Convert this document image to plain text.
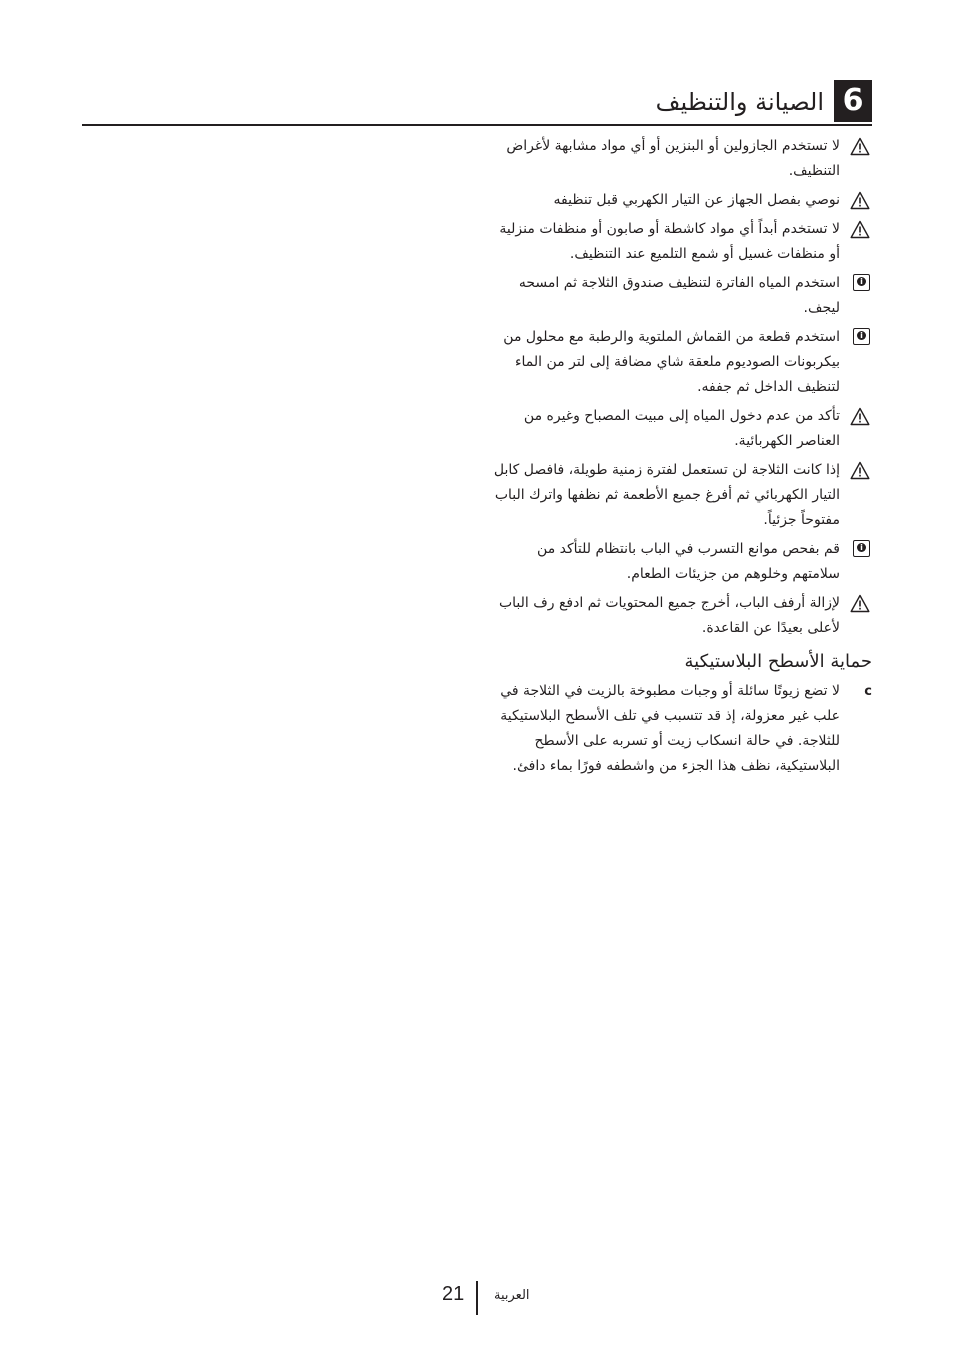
6
الصيانة والتنظيف
لا تستخدم الجازولين أو البنزين أو أي مواد مشابهة لأغراض التنظيف.
نوصي بفصل الجهاز عن التيار الكهربي قبل تنظيفه
لا تستخدم أبداً أي مواد كاشطة أو صابون أو منظفات منزلية أو منظفات غسيل أو شمع التلميع عند التنظيف.
i
استخدم المياه الفاترة لتنظيف صندوق الثلاجة ثم امسحه ليجف.
i
استخدم قطعة من القماش الملتوية والرطبة مع محلول من بيكربونات الصوديوم ملعقة شاي مضافة إلى لتر من الماء لتنظيف الداخل ثم جففه.
تأكد من عدم دخول المياه إلى مبيت المصباح وغيره من العناصر الكهربائية.
إذا كانت الثلاجة لن تستعمل لفترة زمنية طويلة، فافصل كابل التيار الكهربائي ثم أفرغ جميع الأطعمة ثم نظفها واترك الباب مفتوحاً جزئياً.
i
قم بفحص موانع التسرب في الباب بانتظام للتأكد من سلامتهم وخلوهم من جزيئات الطعام.
لإزالة أرفف الباب، أخرج جميع المحتويات ثم ادفع رف الباب لأعلى بعيدًا عن القاعدة.
حماية الأسطح البلاستيكية
c
لا تضع زيوتًا سائلة أو وجبات مطبوخة بالزيت في الثلاجة في علب غير معزولة، إذ قد تتسبب في تلف الأسطح البلاستيكية للثلاجة. في حالة انسكاب زيت أو تسربه على الأسطح البلاستيكية، نظف هذا الجزء من واشطفه فورًا بماء دافئ.
21 العربية
